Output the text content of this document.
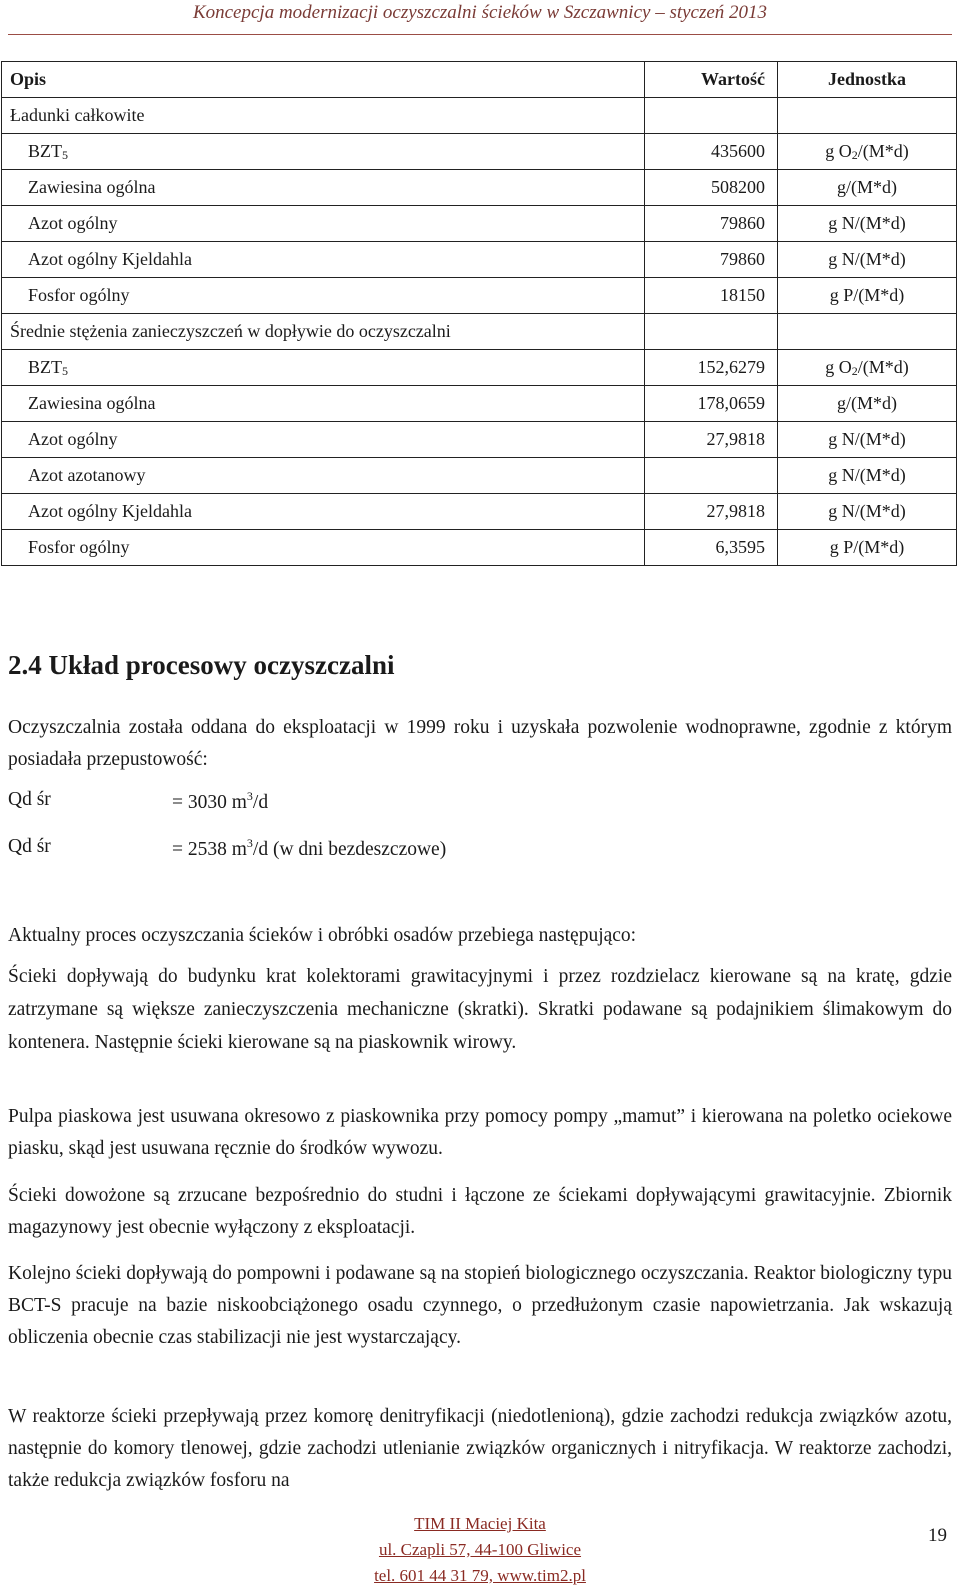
Koncepcja modernizacji oczyszczalni ścieków w Szczawnicy – styczeń 2013
Opis	Wartość	Jednostka
Ładunki całkowite		
$BZT_5$	435600	g $O_2/(M*d)$
Zawiesina ogólna	508200	g/(M*d)
Azot ogólny	79860	g N/(M*d)
Azot ogólny Kjeldahla	79860	g N/(M*d)
Fosfor ogólny	18150	g P/(M*d)
Średnie stężenia zanieczyszczeń w dopływie do oczyszczalni		
$BZT_5$	152,6279	g $O_2/(M*d)$
Zawiesina ogólna	178,0659	g/(M*d)
Azot ogólny	27,9818	g N/(M*d)
Azot azotanowy		g N/(M*d)
Azot ogólny Kjeldahla	27,9818	g N/(M*d)
Fosfor ogólny	6,3595	g P/(M*d)
2.4 Układ procesowy oczyszczalni

Oczyszczalnia została oddana do eksploatacji w 1999 roku i uzyskała pozwolenie wodnoprawne, zgodnie z którym posiadała przepustowość:

Qd śr	= 3030 $m^3/d$
Qd śr	= 2538 $m^3/d$ (w dni bezdeszczowe)

Aktualny proces oczyszczania ścieków i obróbki osadów przebiega następująco:

Ścieki dopływają do budynku krat kolektorami grawitacyjnymi i przez rozdzielacz kierowane są na kratę, gdzie zatrzymane są większe zanieczyszczenia mechaniczne (skratki). Skratki podawane są podajnikiem ślimakowym do kontenera. Następnie ścieki kierowane są na piaskownik wirowy.

Pulpa piaskowa jest usuwana okresowo z piaskownika przy pomocy pompy „mamut” i kierowana na poletko ociekowe piasku, skąd jest usuwana ręcznie do środków wywozu.

Ścieki dowożone są zrzucane bezpośrednio do studni i łączone ze ściekami dopływającymi grawitacyjnie. Zbiornik magazynowy jest obecnie wyłączony z eksploatacji.

Kolejno ścieki dopływają do pompowni i podawane są na stopień biologicznego oczyszczania. Reaktor biologiczny typu BCT-S pracuje na bazie niskoobciążonego osadu czynnego, o przedłużonym czasie napowietrzania. Jak wskazują obliczenia obecnie czas stabilizacji nie jest wystarczający.

W reaktorze ścieki przepływają przez komorę denitryfikacji (niedotlenioną), gdzie zachodzi redukcja związków azotu, następnie do komory tlenowej, gdzie zachodzi utlenianie związków organicznych i nitryfikacja. W reaktorze zachodzi, także redukcja związków fosforu na

TIM II Maciej Kita
ul. Czapli 57, 44-100 Gliwice
tel. 601 44 31 79, www.tim2.pl
19
